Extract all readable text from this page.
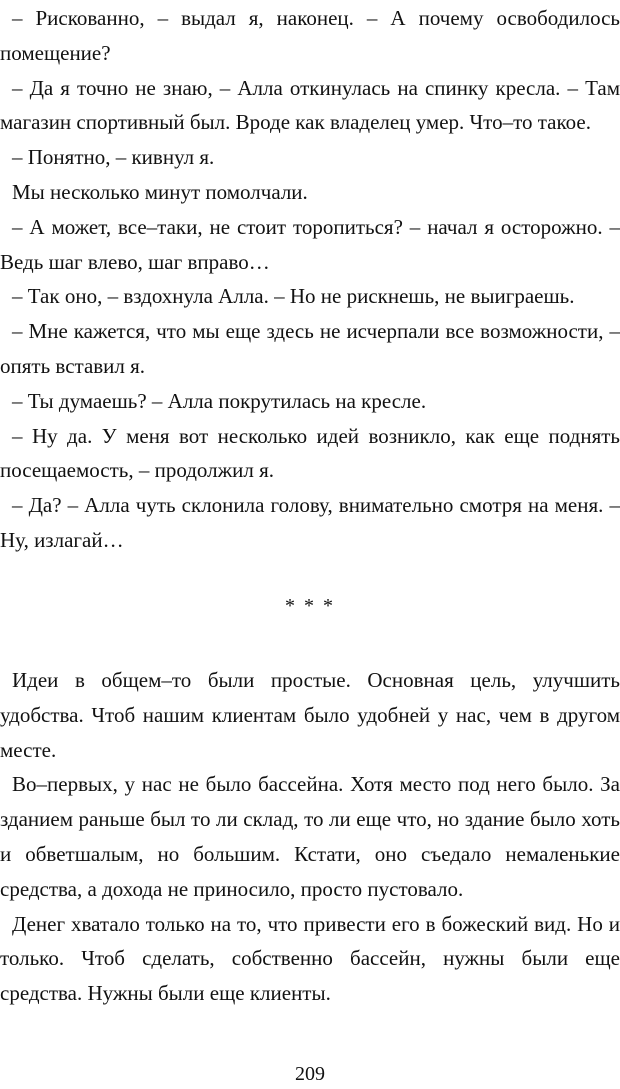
– Рискованно, – выдал я, наконец. – А почему освободилось помещение?

– Да я точно не знаю, – Алла откинулась на спинку кресла. – Там магазин спортивный был. Вроде как владелец умер. Что–то такое.

– Понятно, – кивнул я.

Мы несколько минут помолчали.

– А может, все–таки, не стоит торопиться? – начал я осторожно. – Ведь шаг влево, шаг вправо…

– Так оно, – вздохнула Алла. – Но не рискнешь, не выиграешь.

– Мне кажется, что мы еще здесь не исчерпали все возможности, – опять вставил я.

– Ты думаешь? – Алла покрутилась на кресле.

– Ну да. У меня вот несколько идей возникло, как еще поднять посещаемость, – продолжил я.

– Да? – Алла чуть склонила голову, внимательно смотря на меня. – Ну, излагай…

* * *

Идеи в общем–то были простые. Основная цель, улучшить удобства. Чтоб нашим клиентам было удобней у нас, чем в другом месте.

Во–первых, у нас не было бассейна. Хотя место под него было. За зданием раньше был то ли склад, то ли еще что, но здание было хоть и обветшалым, но большим. Кстати, оно съедало немаленькие средства, а дохода не приносило, просто пустовало.

Денег хватало только на то, что привести его в божеский вид. Но и только. Чтоб сделать, собственно бассейн, нужны были еще средства. Нужны были еще клиенты.

209
